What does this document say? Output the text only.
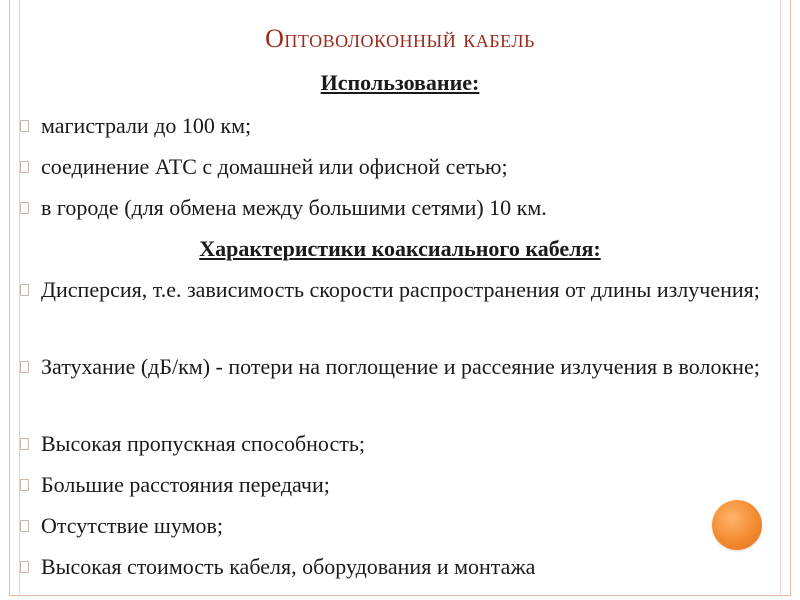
Оптоволоконный кабель
Использование:
магистрали до 100 км;
соединение АТС с домашней или офисной сетью;
в городе (для обмена между большими сетями) 10 км.
Характеристики коаксиального кабеля:
Дисперсия, т.е. зависимость скорости распространения от длины излучения;
Затухание (дБ/км) - потери на поглощение и рассеяние излучения в волокне;
Высокая пропускная способность;
Большие расстояния передачи;
Отсутствие шумов;
Высокая стоимость кабеля, оборудования и монтажа
